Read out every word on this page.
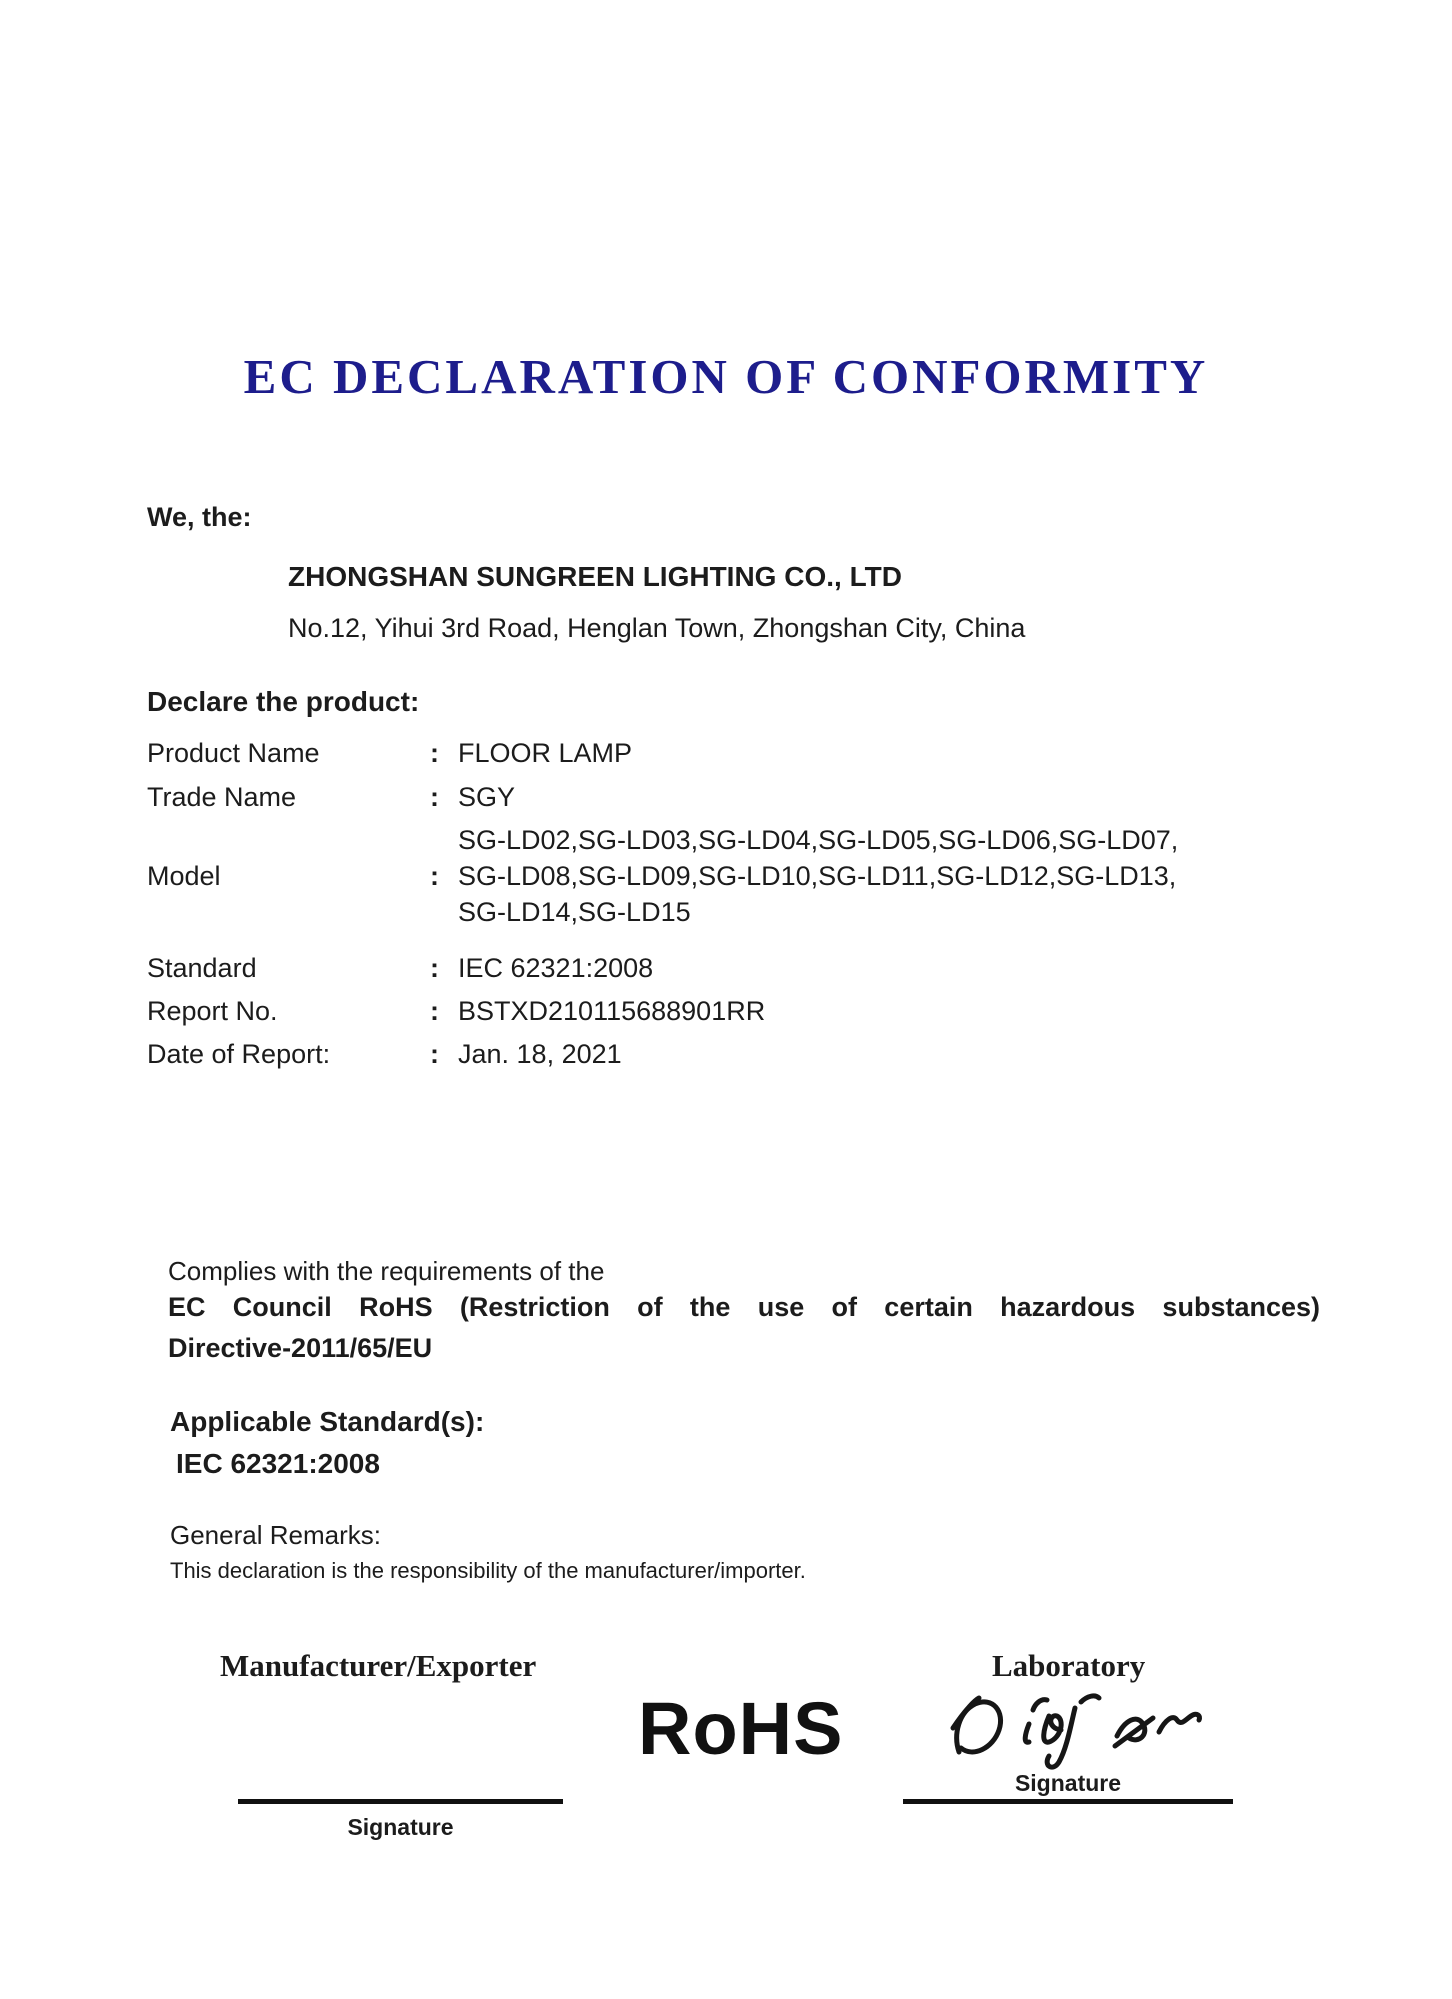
EC DECLARATION OF CONFORMITY
We, the:
ZHONGSHAN SUNGREEN LIGHTING CO., LTD
No.12, Yihui 3rd Road, Henglan Town, Zhongshan City, China
Declare the product:
Product Name	: FLOOR LAMP
Trade Name	: SGY
Model	:
SG-LD02,SG-LD03,SG-LD04,SG-LD05,SG-LD06,SG-LD07,
SG-LD08,SG-LD09,SG-LD10,SG-LD11,SG-LD12,SG-LD13,
SG-LD14,SG-LD15
Standard	: IEC 62321:2008
Report No.	: BSTXD210115688901RR
Date of Report:	: Jan. 18, 2021
Complies with the requirements of the
EC Council RoHS (Restriction of the use of certain hazardous substances)
Directive-2011/65/EU
Applicable Standard(s):
IEC 62321:2008
General Remarks:
This declaration is the responsibility of the manufacturer/importer.
Manufacturer/Exporter	Laboratory
RoHS
Signature
Signature
